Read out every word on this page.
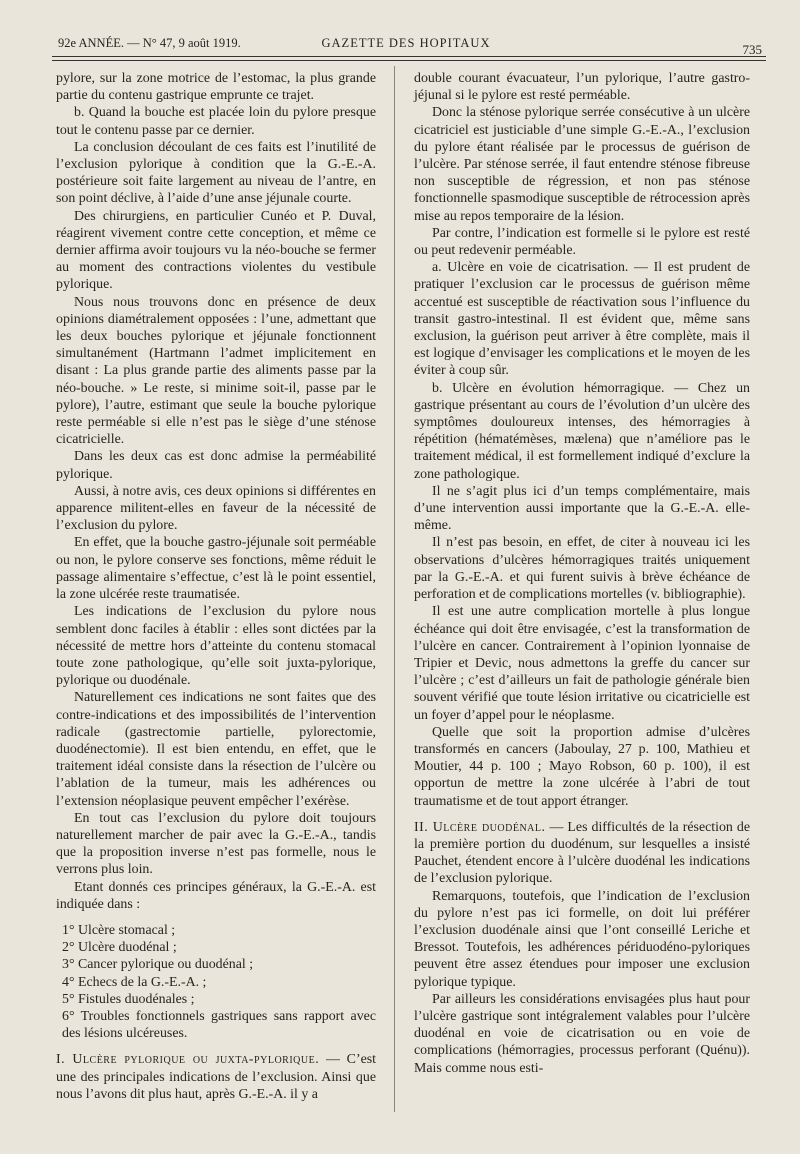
92e ANNÉE. — N° 47, 9 août 1919.	GAZETTE DES HOPITAUX	735

pylore, sur la zone motrice de l’estomac, la plus grande partie du contenu gastrique emprunte ce trajet.

b. Quand la bouche est placée loin du pylore presque tout le contenu passe par ce dernier.

La conclusion découlant de ces faits est l’inutilité de l’exclusion pylorique à condition que la G.-E.-A. postérieure soit faite largement au niveau de l’antre, en son point déclive, à l’aide d’une anse jéjunale courte.

Des chirurgiens, en particulier Cunéo et P. Duval, réagirent vivement contre cette conception, et même ce dernier affirma avoir toujours vu la néo-bouche se fermer au moment des contractions violentes du vestibule pylorique.

Nous nous trouvons donc en présence de deux opinions diamétralement opposées : l’une, admettant que les deux bouches pylorique et jéjunale fonctionnent simultanément (Hartmann l’admet implicitement en disant : La plus grande partie des aliments passe par la néo-bouche. » Le reste, si minime soit-il, passe par le pylore), l’autre, estimant que seule la bouche pylorique reste perméable si elle n’est pas le siège d’une sténose cicatricielle.

Dans les deux cas est donc admise la perméabilité pylorique.

Aussi, à notre avis, ces deux opinions si différentes en apparence militent-elles en faveur de la nécessité de l’exclusion du pylore.

En effet, que la bouche gastro-jéjunale soit perméable ou non, le pylore conserve ses fonctions, même réduit le passage alimentaire s’effectue, c’est là le point essentiel, la zone ulcérée reste traumatisée.

Les indications de l’exclusion du pylore nous semblent donc faciles à établir : elles sont dictées par la nécessité de mettre hors d’atteinte du contenu stomacal toute zone pathologique, qu’elle soit juxta-pylorique, pylorique ou duodénale.

Naturellement ces indications ne sont faites que des contre-indications et des impossibilités de l’intervention radicale (gastrectomie partielle, pylorectomie, duodénectomie). Il est bien entendu, en effet, que le traitement idéal consiste dans la résection de l’ulcère ou l’ablation de la tumeur, mais les adhérences ou l’extension néoplasique peuvent empêcher l’exérèse.

En tout cas l’exclusion du pylore doit toujours naturellement marcher de pair avec la G.-E.-A., tandis que la proposition inverse n’est pas formelle, nous le verrons plus loin.

Etant donnés ces principes généraux, la G.-E.-A. est indiquée dans :

1° Ulcère stomacal ;

2° Ulcère duodénal ;

3° Cancer pylorique ou duodénal ;

4° Echecs de la G.-E.-A. ;

5° Fistules duodénales ;

6° Troubles fonctionnels gastriques sans rapport avec des lésions ulcéreuses.

I. Ulcère pylorique ou juxta-pylorique. — C’est une des principales indications de l’exclusion. Ainsi que nous l’avons dit plus haut, après G.-E.-A. il y a

double courant évacuateur, l’un pylorique, l’autre gastro-jéjunal si le pylore est resté perméable.

Donc la sténose pylorique serrée consécutive à un ulcère cicatriciel est justiciable d’une simple G.-E.-A., l’exclusion du pylore étant réalisée par le processus de guérison de l’ulcère. Par sténose serrée, il faut entendre sténose fibreuse non susceptible de régression, et non pas sténose fonctionnelle spasmodique susceptible de rétrocession après mise au repos temporaire de la lésion.

Par contre, l’indication est formelle si le pylore est resté ou peut redevenir perméable.

a. Ulcère en voie de cicatrisation. — Il est prudent de pratiquer l’exclusion car le processus de guérison même accentué est susceptible de réactivation sous l’influence du transit gastro-intestinal. Il est évident que, même sans exclusion, la guérison peut arriver à être complète, mais il est logique d’envisager les complications et le moyen de les éviter à coup sûr.

b. Ulcère en évolution hémorragique. — Chez un gastrique présentant au cours de l’évolution d’un ulcère des symptômes douloureux intenses, des hémorragies à répétition (hématémèses, mælena) que n’améliore pas le traitement médical, il est formellement indiqué d’exclure la zone pathologique.

Il ne s’agit plus ici d’un temps complémentaire, mais d’une intervention aussi importante que la G.-E.-A. elle-même.

Il n’est pas besoin, en effet, de citer à nouveau ici les observations d’ulcères hémorragiques traités uniquement par la G.-E.-A. et qui furent suivis à brève échéance de perforation et de complications mortelles (v. bibliographie).

Il est une autre complication mortelle à plus longue échéance qui doit être envisagée, c’est la transformation de l’ulcère en cancer. Contrairement à l’opinion lyonnaise de Tripier et Devic, nous admettons la greffe du cancer sur l’ulcère ; c’est d’ailleurs un fait de pathologie générale bien souvent vérifié que toute lésion irritative ou cicatricielle est un foyer d’appel pour le néoplasme.

Quelle que soit la proportion admise d’ulcères transformés en cancers (Jaboulay, 27 p. 100, Mathieu et Moutier, 44 p. 100 ; Mayo Robson, 60 p. 100), il est opportun de mettre la zone ulcérée à l’abri de tout traumatisme et de tout apport étranger.

II. Ulcère duodénal. — Les difficultés de la résection de la première portion du duodénum, sur lesquelles a insisté Pauchet, étendent encore à l’ulcère duodénal les indications de l’exclusion pylorique.

Remarquons, toutefois, que l’indication de l’exclusion du pylore n’est pas ici formelle, on doit lui préférer l’exclusion duodénale ainsi que l’ont conseillé Leriche et Bressot. Toutefois, les adhérences périduodéno-pyloriques peuvent être assez étendues pour imposer une exclusion pylorique typique.

Par ailleurs les considérations envisagées plus haut pour l’ulcère gastrique sont intégralement valables pour l’ulcère duodénal en voie de cicatrisation ou en voie de complications (hémorragies, processus perforant (Quénu)). Mais comme nous esti-
